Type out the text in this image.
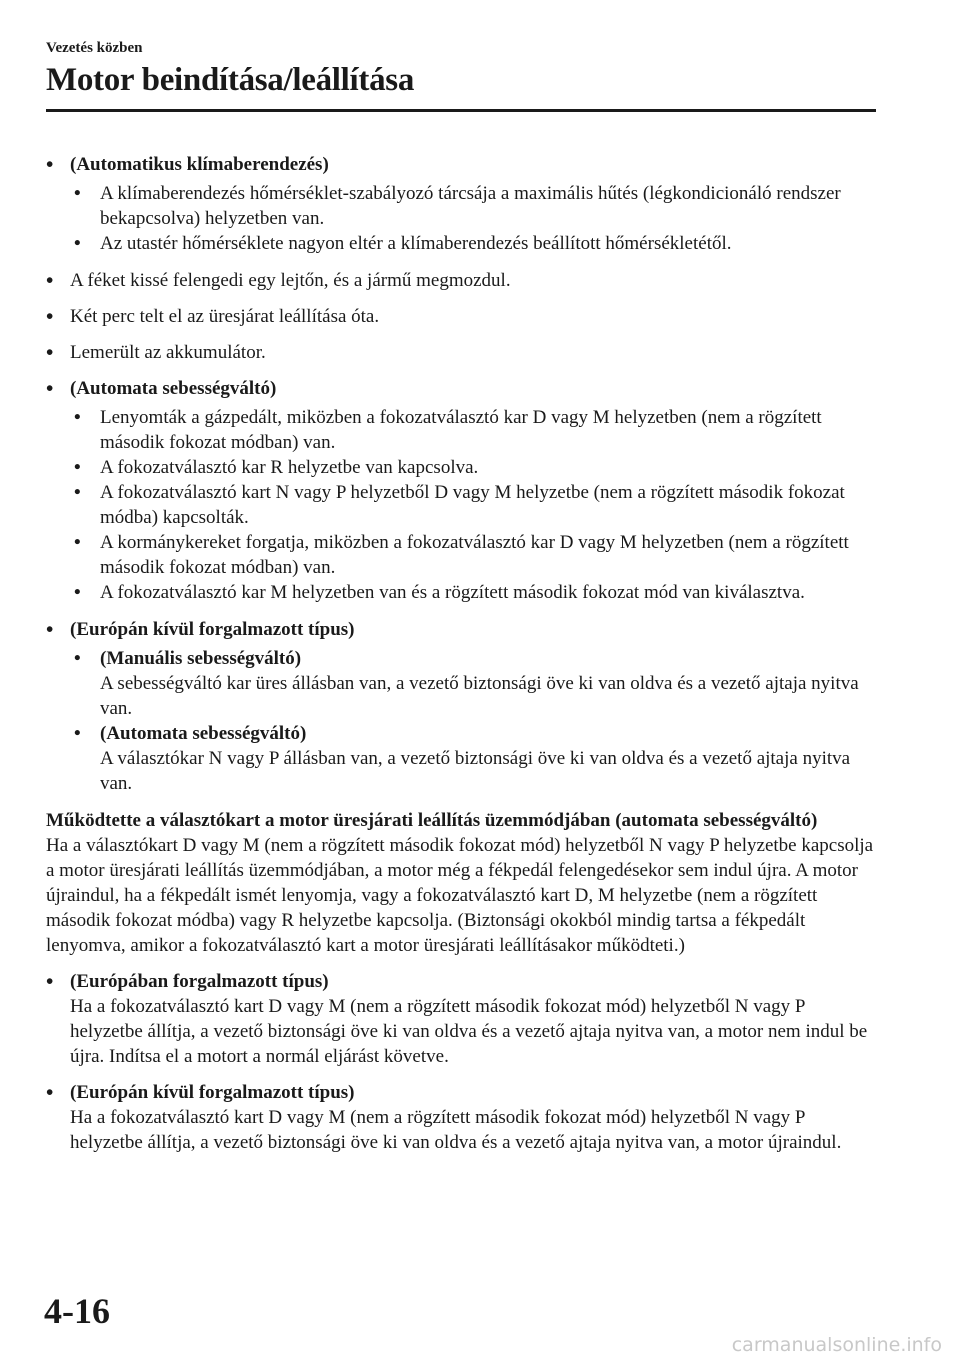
Vezetés közben
Motor beindítása/leállítása
• (Automatikus klímaberendezés)
• A klímaberendezés hőmérséklet-szabályozó tárcsája a maximális hűtés (légkondicionáló rendszer bekapcsolva) helyzetben van.
• Az utastér hőmérséklete nagyon eltér a klímaberendezés beállított hőmérsékletétől.
• A féket kissé felengedi egy lejtőn, és a jármű megmozdul.
• Két perc telt el az üresjárat leállítása óta.
• Lemerült az akkumulátor.
• (Automata sebességváltó)
• Lenyomták a gázpedált, miközben a fokozatválasztó kar D vagy M helyzetben (nem a rögzített második fokozat módban) van.
• A fokozatválasztó kar R helyzetbe van kapcsolva.
• A fokozatválasztó kart N vagy P helyzetből D vagy M helyzetbe (nem a rögzített második fokozat módba) kapcsolták.
• A kormánykereket forgatja, miközben a fokozatválasztó kar D vagy M helyzetben (nem a rögzített második fokozat módban) van.
• A fokozatválasztó kar M helyzetben van és a rögzített második fokozat mód van kiválasztva.
• (Európán kívül forgalmazott típus)
• (Manuális sebességváltó)
A sebességváltó kar üres állásban van, a vezető biztonsági öve ki van oldva és a vezető ajtaja nyitva van.
• (Automata sebességváltó)
A választókar N vagy P állásban van, a vezető biztonsági öve ki van oldva és a vezető ajtaja nyitva van.
Működtette a választókart a motor üresjárati leállítás üzemmódjában (automata sebességváltó)
Ha a választókart D vagy M (nem a rögzített második fokozat mód) helyzetből N vagy P helyzetbe kapcsolja a motor üresjárati leállítás üzemmódjában, a motor még a fékpedál felengedésekor sem indul újra. A motor újraindul, ha a fékpedált ismét lenyomja, vagy a fokozatválasztó kart D, M helyzetbe (nem a rögzített második fokozat módba) vagy R helyzetbe kapcsolja. (Biztonsági okokból mindig tartsa a fékpedált lenyomva, amikor a fokozatválasztó kart a motor üresjárati leállításakor működteti.)
• (Európában forgalmazott típus)
Ha a fokozatválasztó kart D vagy M (nem a rögzített második fokozat mód) helyzetből N vagy P helyzetbe állítja, a vezető biztonsági öve ki van oldva és a vezető ajtaja nyitva van, a motor nem indul be újra. Indítsa el a motort a normál eljárást követve.
• (Európán kívül forgalmazott típus)
Ha a fokozatválasztó kart D vagy M (nem a rögzített második fokozat mód) helyzetből N vagy P helyzetbe állítja, a vezető biztonsági öve ki van oldva és a vezető ajtaja nyitva van, a motor újraindul.
4-16
carmanualsonline.info
